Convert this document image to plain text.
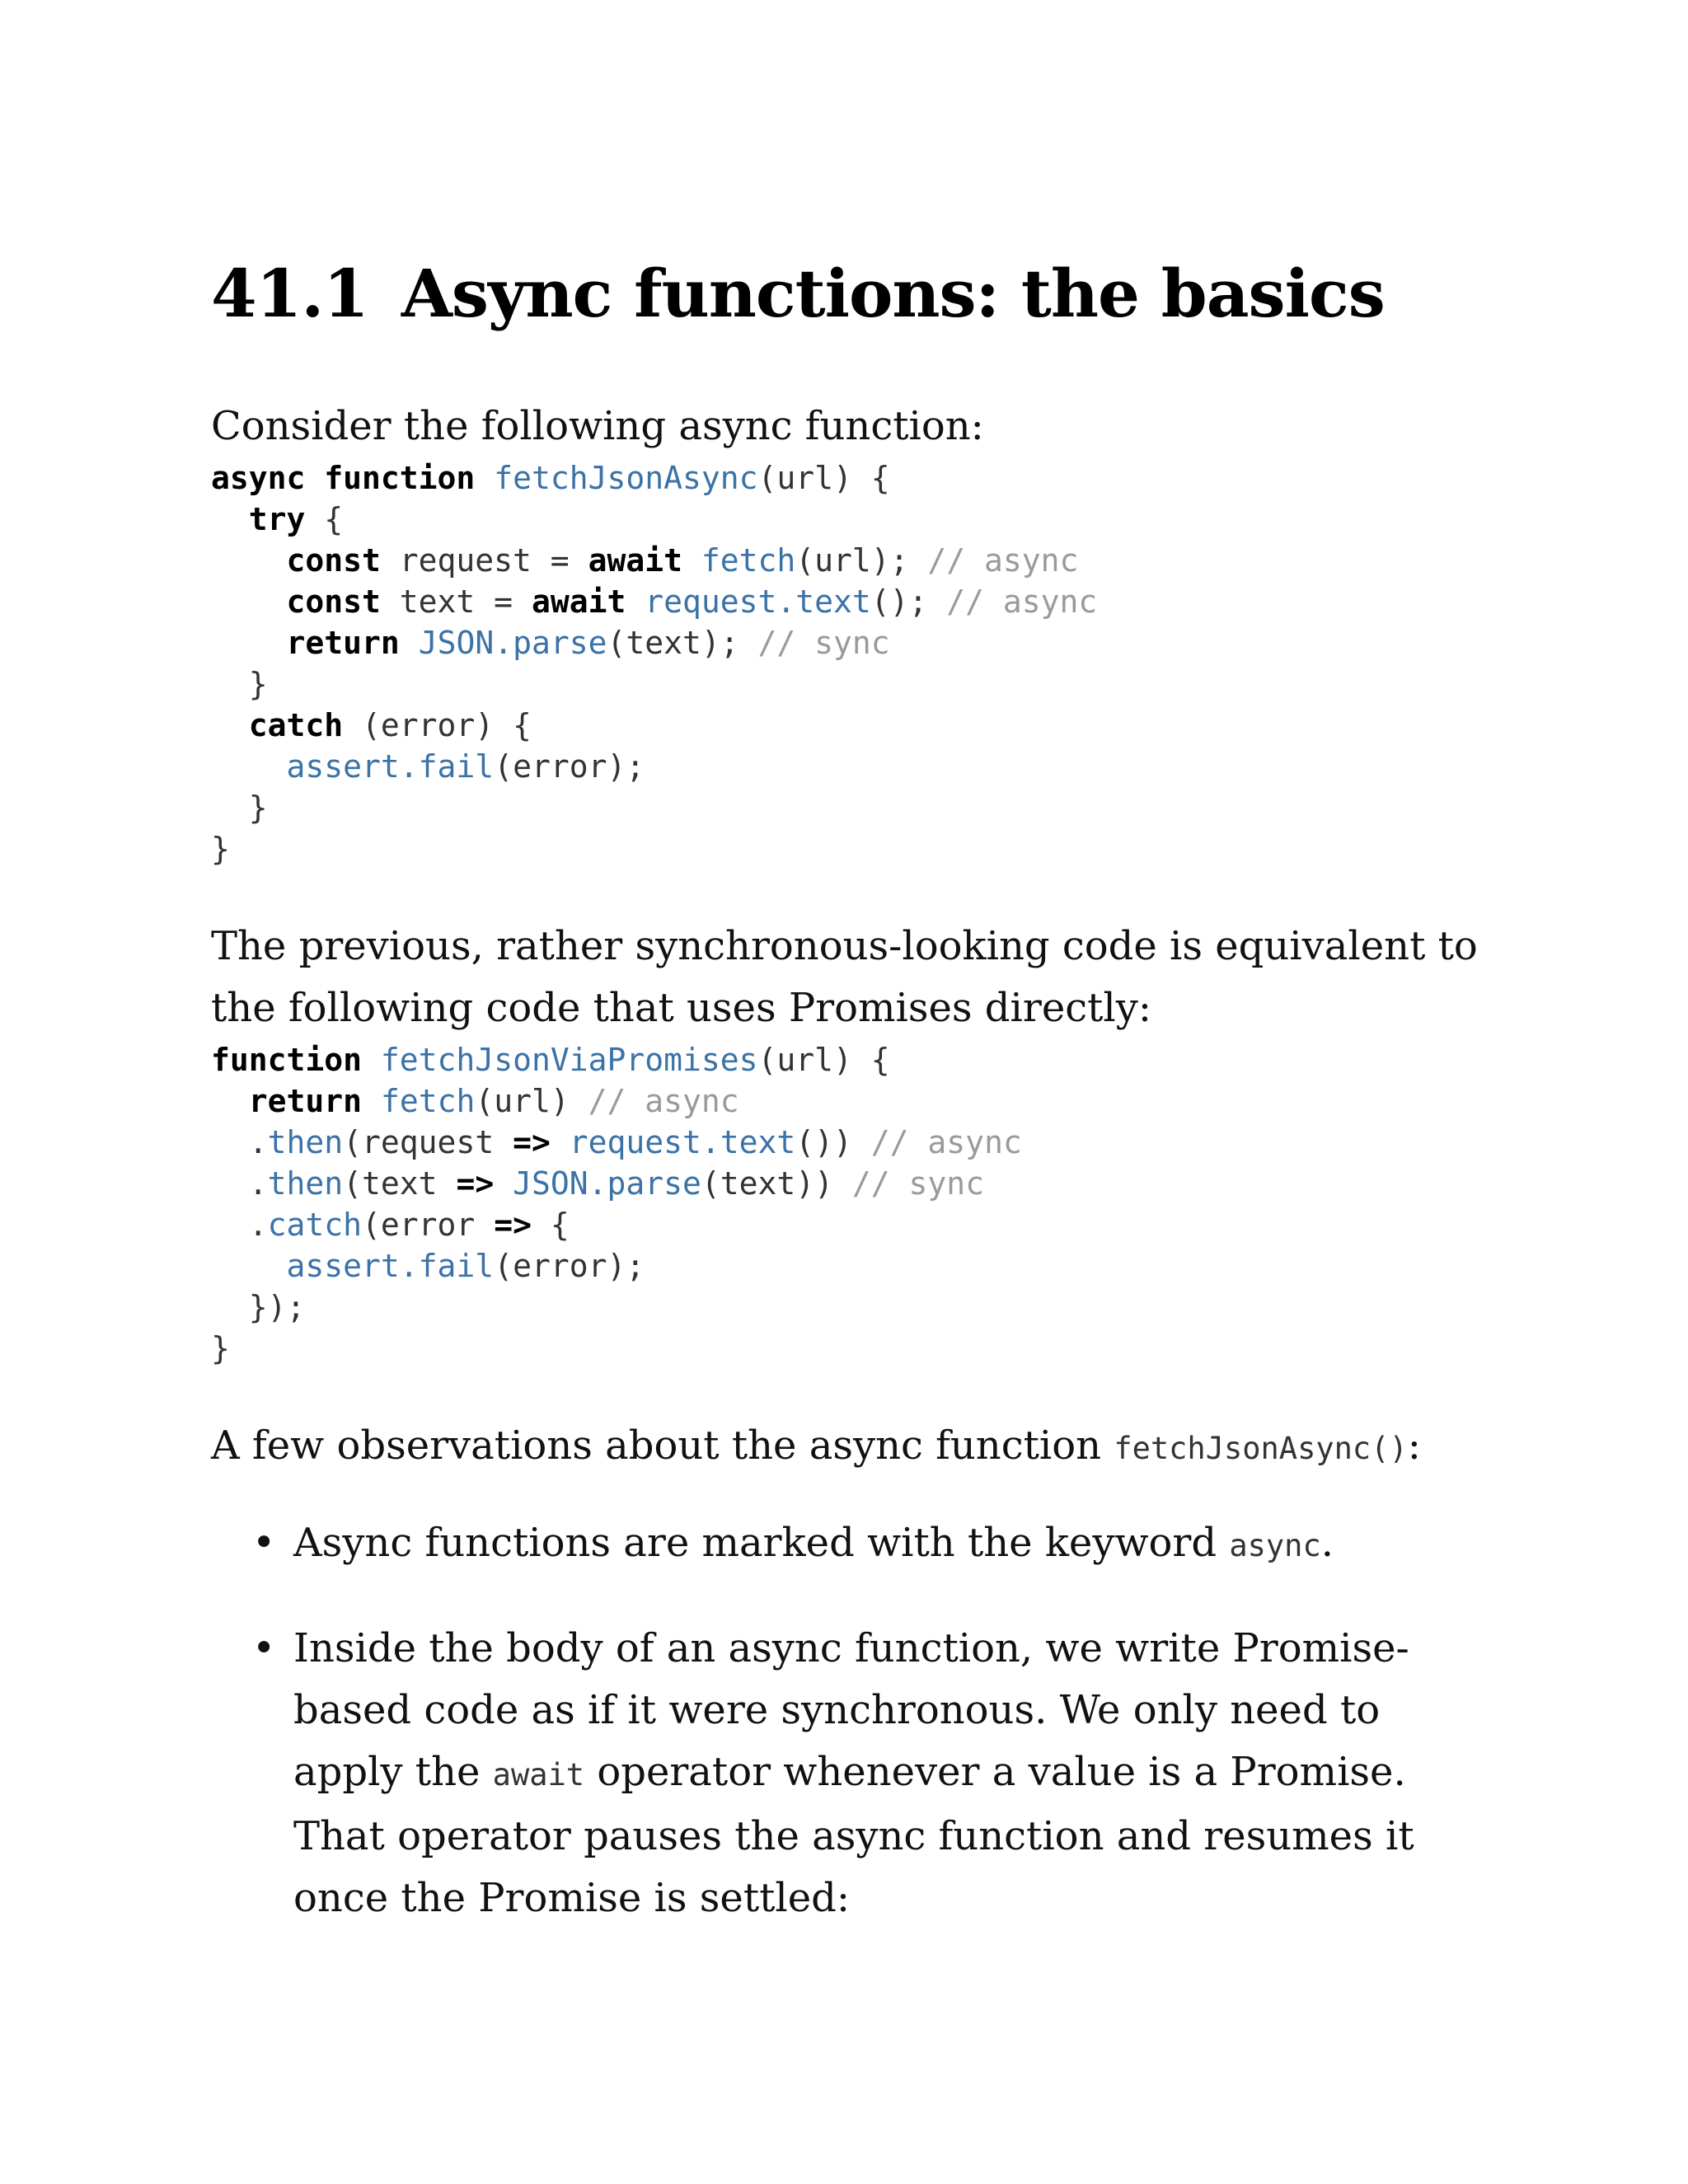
41.1 Async functions: the basics

Consider the following async function:

async function fetchJsonAsync(url) {
try {
const request = await fetch(url); // async
const text = await request.text(); // async
return JSON.parse(text); // sync
}
catch (error) {
assert.fail(error);
}
}

The previous, rather synchronous-looking code is equivalent to the following code that uses Promises directly:

function fetchJsonViaPromises(url) {
return fetch(url) // async
.then(request => request.text()) // async
.then(text => JSON.parse(text)) // sync
.catch(error => {
assert.fail(error);
});
}

A few observations about the async function fetchJsonAsync():

• Async functions are marked with the keyword async.
• Inside the body of an async function, we write Promise-based code as if it were synchronous. We only need to apply the await operator whenever a value is a Promise. That operator pauses the async function and resumes it once the Promise is settled:
